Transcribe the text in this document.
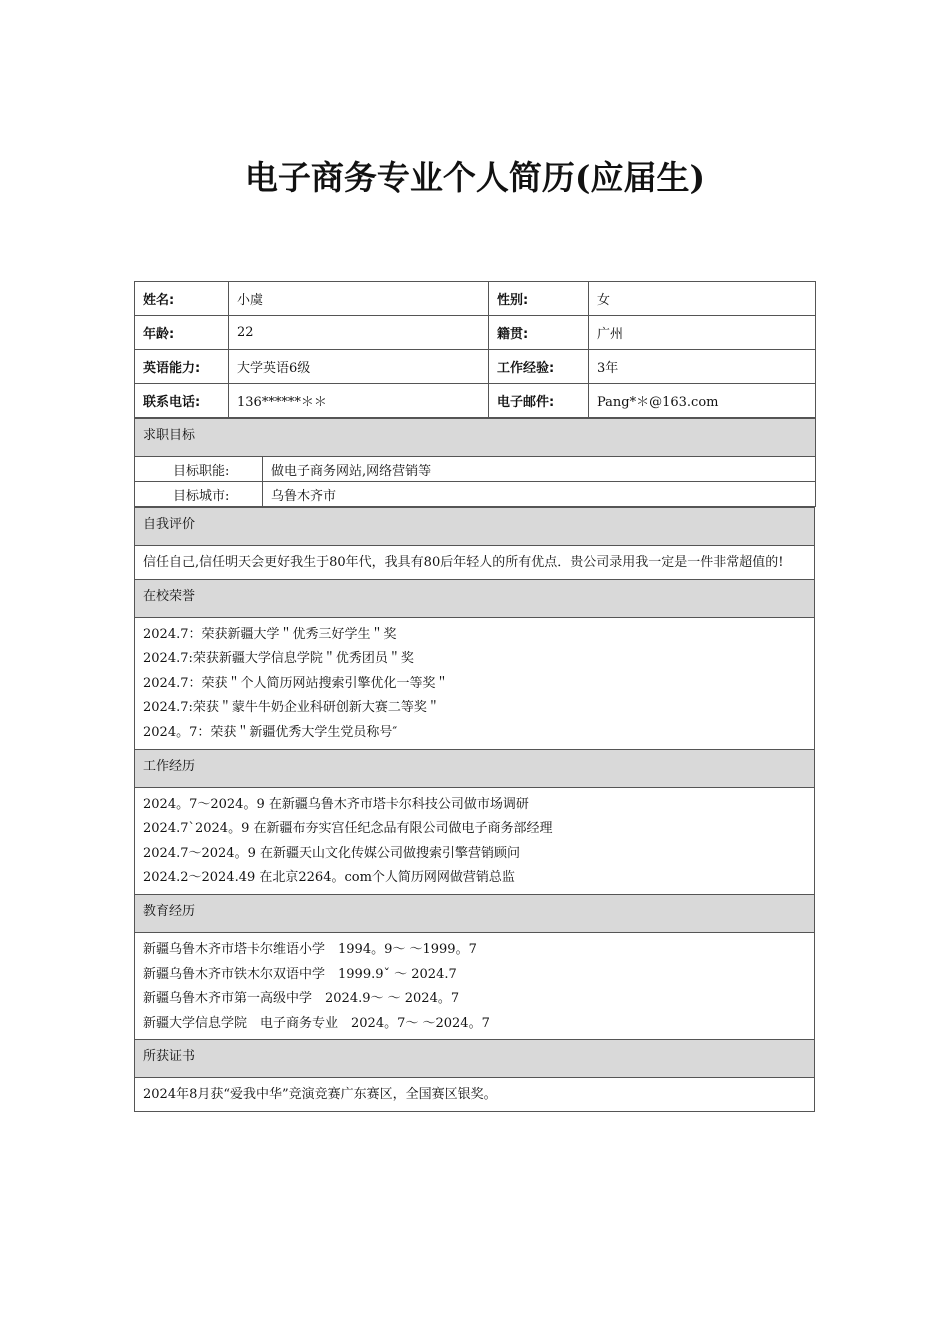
电子商务专业个人简历(应届生)
姓名:	小虞	性别:	女
年龄:	22	籍贯:	广州
英语能力:	大学英语6级	工作经验:	3年
联系电话:	136******＊＊	电子邮件:	Pang*＊@163.com
求职目标	
目标职能:	做电子商务网站,网络营销等
目标城市:	乌鲁木齐市
自我评价

信任自己,信任明天会更好我生于80年代，我具有80后年轻人的所有优点．贵公司录用我一定是一件非常超值的!

在校荣誉

2024.7：荣获新疆大学＂优秀三好学生＂奖
2024.7:荣获新疆大学信息学院＂优秀团员＂奖
2024.7：荣获＂个人简历网站搜索引擎优化一等奖＂
2024.7:荣获＂蒙牛牛奶企业科研创新大赛二等奖＂
2024。7：荣获＂新疆优秀大学生党员称号″

工作经历

2024。7～2024。9 在新疆乌鲁木齐市塔卡尔科技公司做市场调研
2024.7`2024。9 在新疆布夯实宫任纪念品有限公司做电子商务部经理
2024.7～2024。9 在新疆天山文化传媒公司做搜索引擎营销顾问
2024.2～2024.49 在北京2264。com个人简历网网做营销总监

教育经历

新疆乌鲁木齐市塔卡尔维语小学　1994。9～ ～1999。7
新疆乌鲁木齐市铁木尔双语中学　1999.9ˇ ～ 2024.7
新疆乌鲁木齐市第一高级中学　2024.9～ ～ 2024。7
新疆大学信息学院　电子商务专业　2024。7～ ～2024。7

所获证书

2024年8月获“爱我中华”竞演竞赛广东赛区，全国赛区银奖。
